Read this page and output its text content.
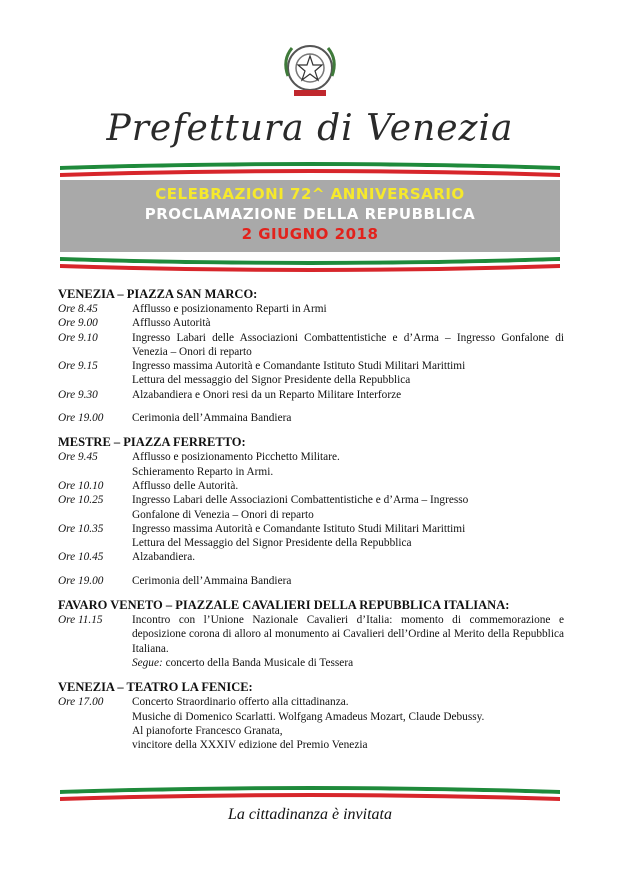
Prefettura di Venezia
CELEBRAZIONI 72^ ANNIVERSARIO
PROCLAMAZIONE DELLA REPUBBLICA
2 GIUGNO 2018
VENEZIA – PIAZZA SAN MARCO:
Ore 8.45	Afflusso e posizionamento Reparti in Armi
Ore 9.00	Afflusso Autorità
Ore 9.10	Ingresso Labari delle Associazioni Combattentistiche e d’Arma – Ingresso Gonfalone di Venezia – Onori di reparto
Ore 9.15	Ingresso massima Autorità e Comandante Istituto Studi Militari Marittimi
Lettura del messaggio del Signor Presidente della Repubblica
Ore 9.30	Alzabandiera e Onori resi da un Reparto Militare Interforze
Ore 19.00	Cerimonia dell’Ammaina Bandiera
MESTRE – PIAZZA FERRETTO:
Ore 9.45	Afflusso e posizionamento Picchetto Militare.
Schieramento Reparto in Armi.
Ore 10.10	Afflusso delle Autorità.
Ore 10.25	Ingresso Labari delle Associazioni Combattentistiche e d’Arma – Ingresso
Gonfalone di Venezia – Onori di reparto
Ore 10.35	Ingresso massima Autorità e Comandante Istituto Studi Militari Marittimi
Lettura del Messaggio del Signor Presidente della Repubblica
Ore 10.45	Alzabandiera.
Ore 19.00	Cerimonia dell’Ammaina Bandiera
FAVARO VENETO – PIAZZALE CAVALIERI DELLA REPUBBLICA ITALIANA:
Ore 11.15	Incontro con l’Unione Nazionale Cavalieri d’Italia: momento di commemorazione e deposizione corona di alloro al monumento ai Cavalieri dell’Ordine al Merito della Repubblica Italiana.
Segue: concerto della Banda Musicale di Tessera
VENEZIA – TEATRO LA FENICE:
Ore 17.00	Concerto Straordinario offerto alla cittadinanza.
Musiche di Domenico Scarlatti. Wolfgang Amadeus Mozart, Claude Debussy.
Al pianoforte Francesco Granata,
vincitore della XXXIV edizione del Premio Venezia
La cittadinanza è invitata
